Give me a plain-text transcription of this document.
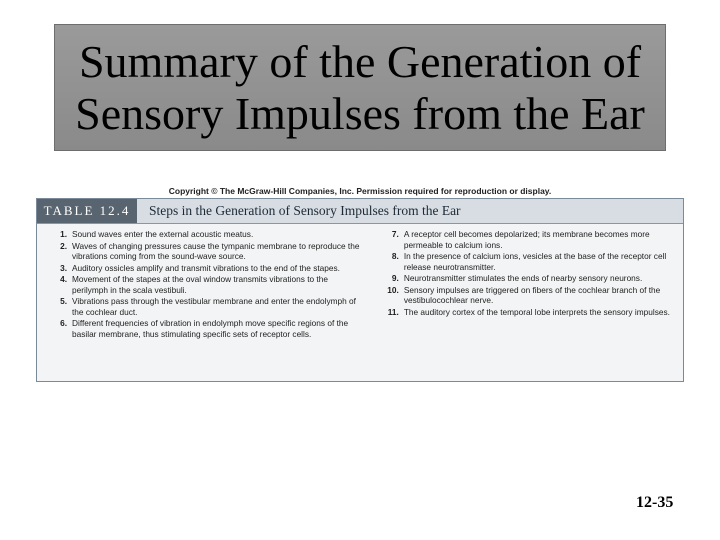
Summary of the Generation of
Sensory Impulses from the Ear
Copyright © The McGraw-Hill Companies, Inc. Permission required for reproduction or display.
TABLE 12.4	Steps in the Generation of Sensory Impulses from the Ear
1. Sound waves enter the external acoustic meatus.
2. Waves of changing pressures cause the tympanic membrane to reproduce the vibrations coming from the sound-wave source.
3. Auditory ossicles amplify and transmit vibrations to the end of the stapes.
4. Movement of the stapes at the oval window transmits vibrations to the perilymph in the scala vestibuli.
5. Vibrations pass through the vestibular membrane and enter the endolymph of the cochlear duct.
6. Different frequencies of vibration in endolymph move specific regions of the basilar membrane, thus stimulating specific sets of receptor cells.
7. A receptor cell becomes depolarized; its membrane becomes more permeable to calcium ions.
8. In the presence of calcium ions, vesicles at the base of the receptor cell release neurotransmitter.
9. Neurotransmitter stimulates the ends of nearby sensory neurons.
10. Sensory impulses are triggered on fibers of the cochlear branch of the vestibulocochlear nerve.
11. The auditory cortex of the temporal lobe interprets the sensory impulses.
12-35
